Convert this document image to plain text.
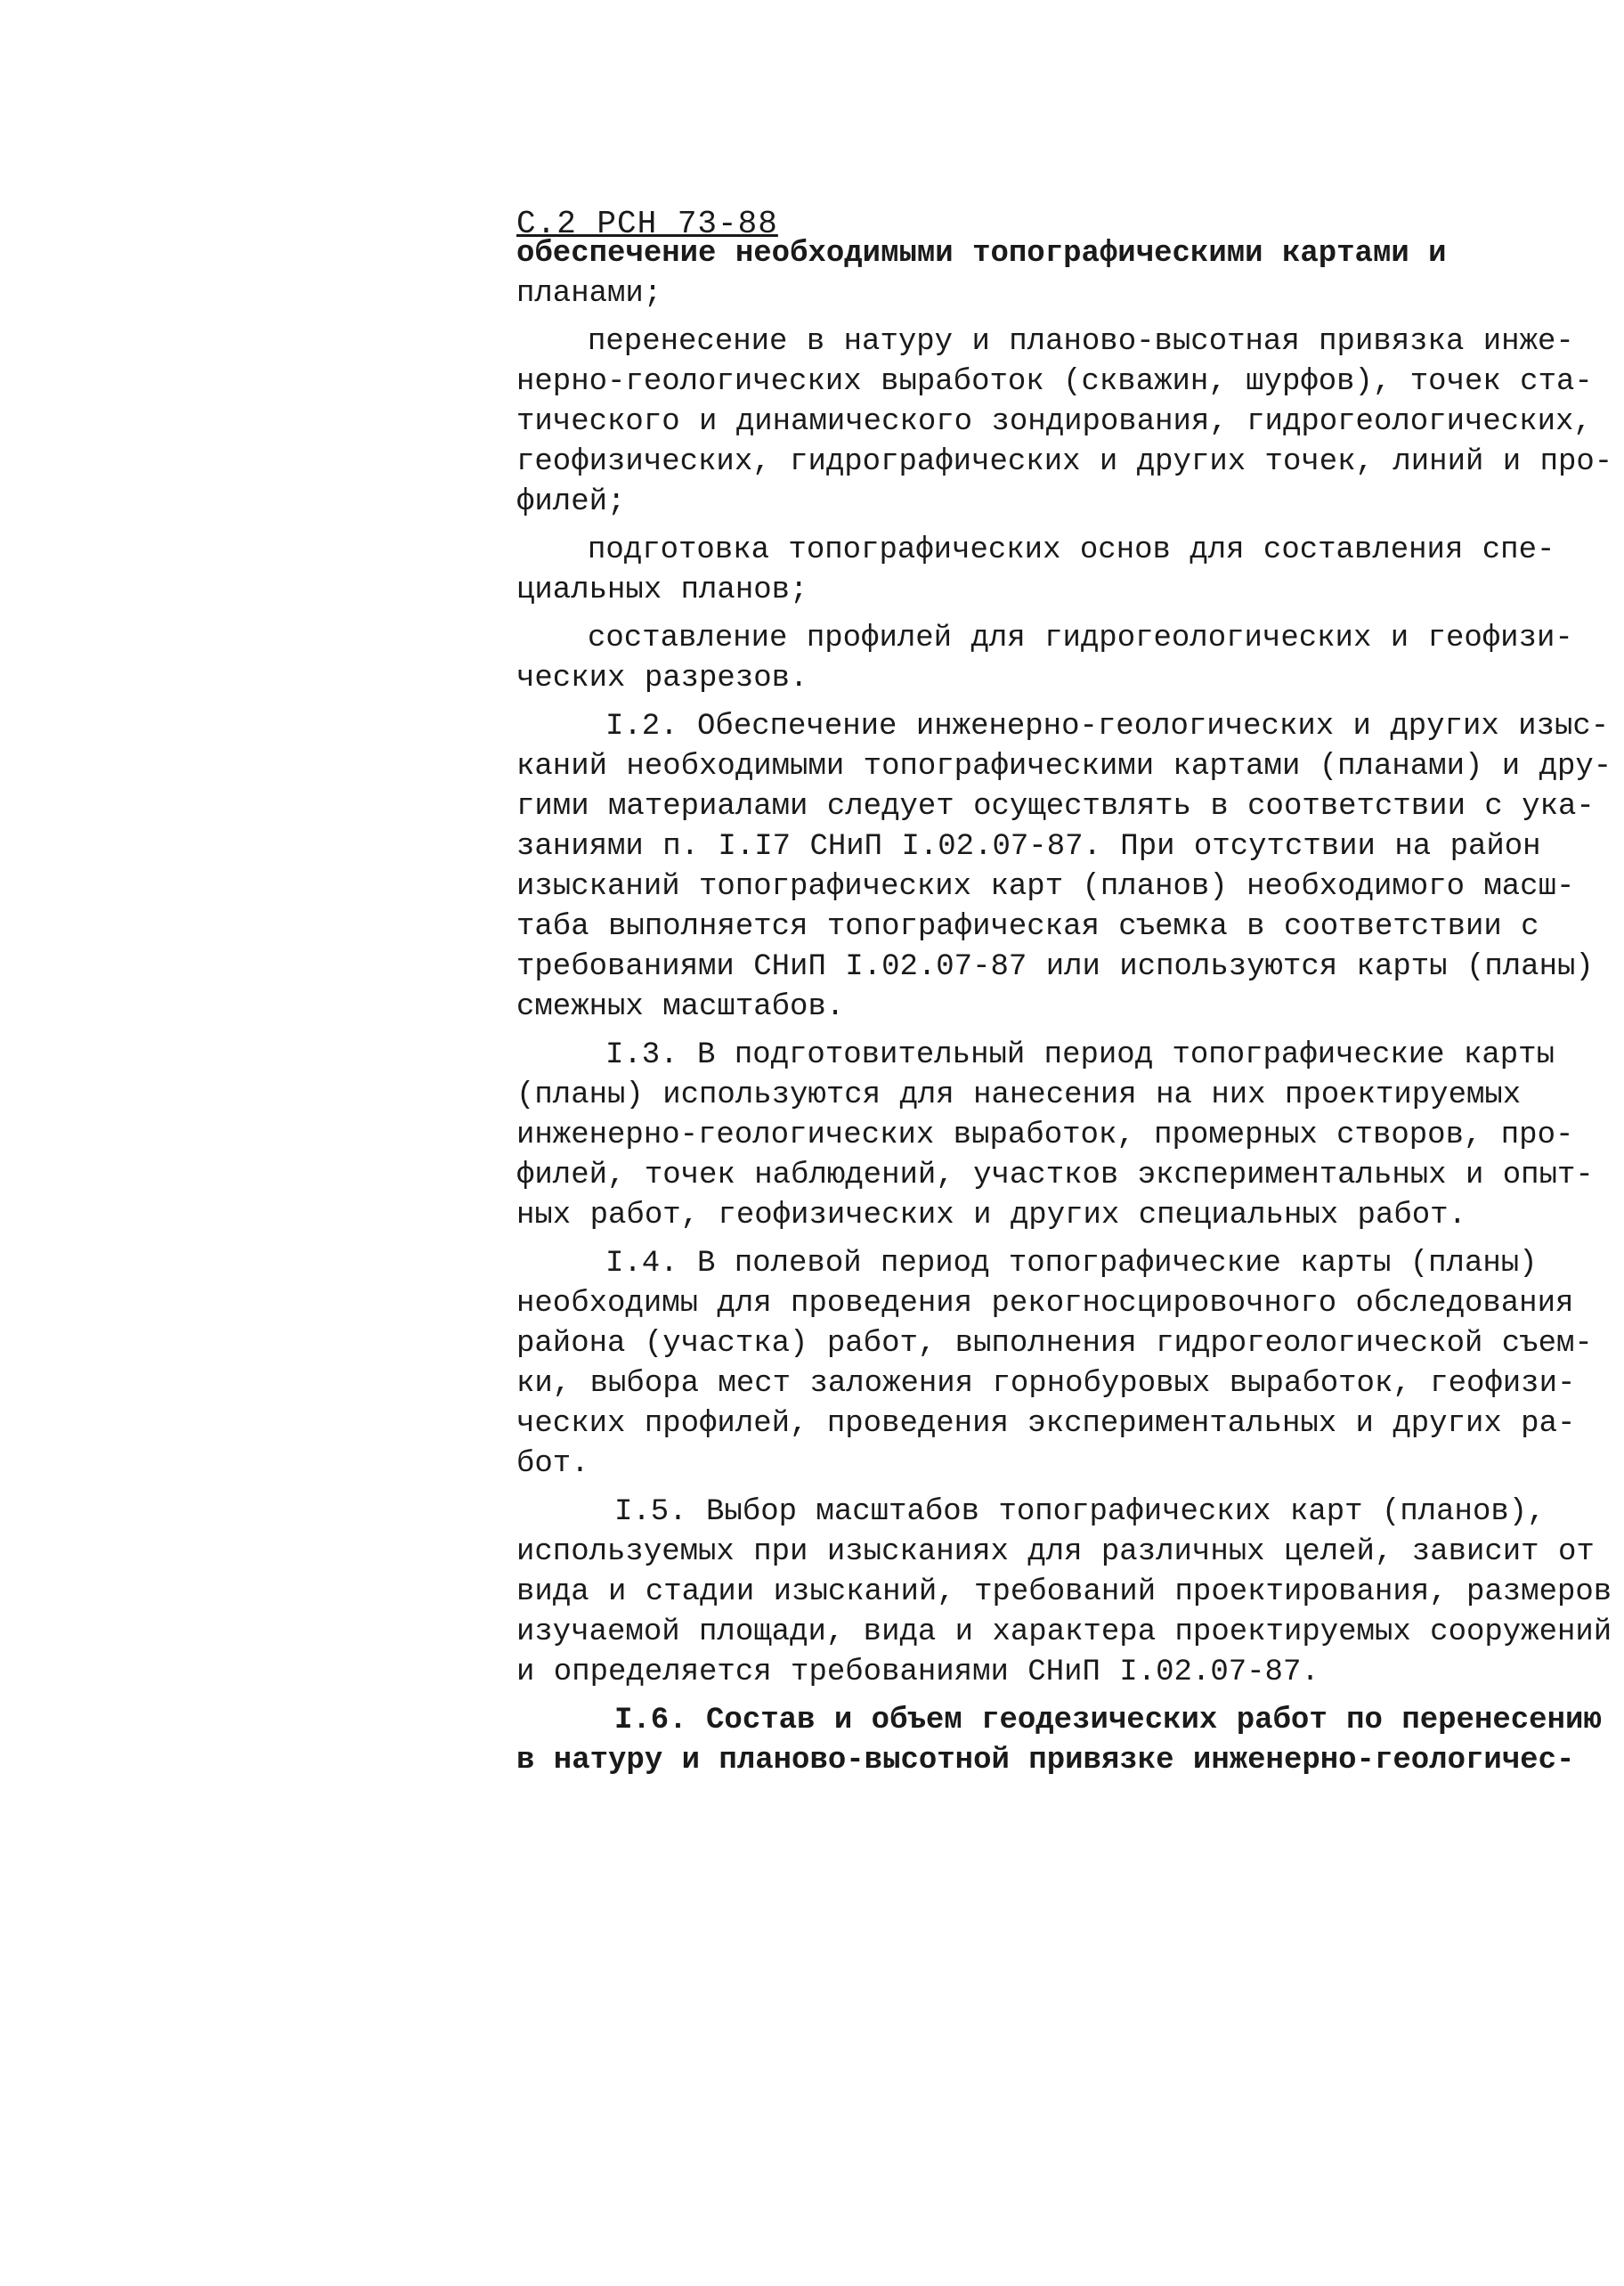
С.2 РСН 73-88
обеспечение необходимыми топографическими картами и
планами;
перенесение в натуру и планово-высотная привязка инже-
нерно-геологических выработок (скважин, шурфов), точек ста-
тического и динамического зондирования, гидрогеологических,
геофизических, гидрографических и других точек, линий и про-
филей;
подготовка топографических основ для составления спе-
циальных планов;
составление профилей для гидрогеологических и геофизи-
ческих разрезов.
I.2. Обеспечение инженерно-геологических и других изыс-
каний необходимыми топографическими картами (планами) и дру-
гими материалами следует осуществлять в соответствии с ука-
заниями п. I.I7 СНиП I.02.07-87. При отсутствии на район
изысканий топографических карт (планов) необходимого масш-
таба выполняется топографическая съемка в соответствии с
требованиями СНиП I.02.07-87 или используются карты (планы)
смежных масштабов.
I.3. В подготовительный период топографические карты
(планы) используются для нанесения на них проектируемых
инженерно-геологических выработок, промерных створов, про-
филей, точек наблюдений, участков экспериментальных и опыт-
ных работ, геофизических и других специальных работ.
I.4. В полевой период топографические карты (планы)
необходимы для проведения рекогносцировочного обследования
района (участка) работ, выполнения гидрогеологической съем-
ки, выбора мест заложения горнобуровых выработок, геофизи-
ческих профилей, проведения экспериментальных и других ра-
бот.
I.5. Выбор масштабов топографических карт (планов),
используемых при изысканиях для различных целей, зависит от
вида и стадии изысканий, требований проектирования, размеров
изучаемой площади, вида и характера проектируемых сооружений
и определяется требованиями СНиП I.02.07-87.
I.6. Состав и объем геодезических работ по перенесению
в натуру и планово-высотной привязке инженерно-геологичес-
